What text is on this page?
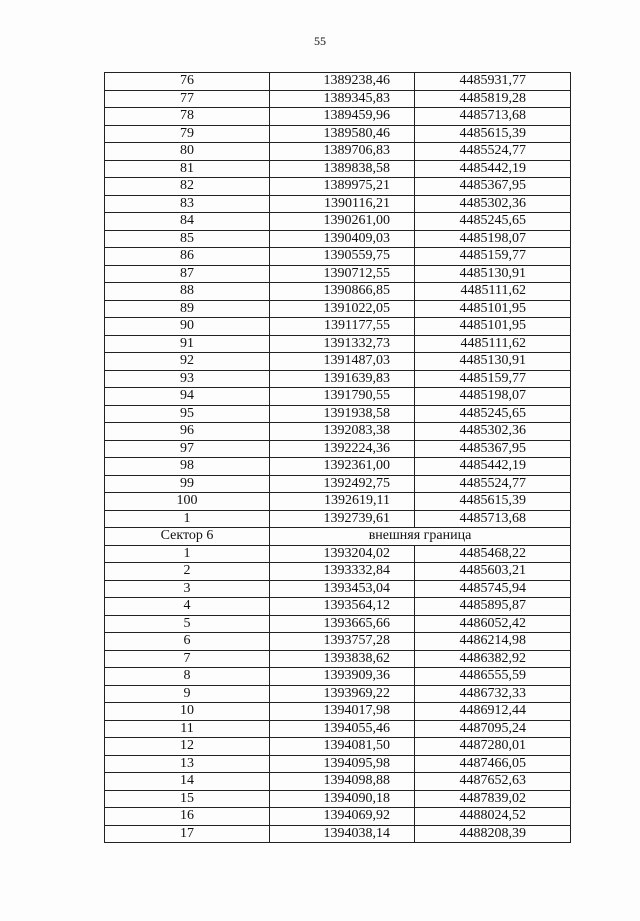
55
76	1389238,46	4485931,77
77	1389345,83	4485819,28
78	1389459,96	4485713,68
79	1389580,46	4485615,39
80	1389706,83	4485524,77
81	1389838,58	4485442,19
82	1389975,21	4485367,95
83	1390116,21	4485302,36
84	1390261,00	4485245,65
85	1390409,03	4485198,07
86	1390559,75	4485159,77
87	1390712,55	4485130,91
88	1390866,85	4485111,62
89	1391022,05	4485101,95
90	1391177,55	4485101,95
91	1391332,73	4485111,62
92	1391487,03	4485130,91
93	1391639,83	4485159,77
94	1391790,55	4485198,07
95	1391938,58	4485245,65
96	1392083,38	4485302,36
97	1392224,36	4485367,95
98	1392361,00	4485442,19
99	1392492,75	4485524,77
100	1392619,11	4485615,39
1	1392739,61	4485713,68
Сектор 6	внешняя граница	
1	1393204,02	4485468,22
2	1393332,84	4485603,21
3	1393453,04	4485745,94
4	1393564,12	4485895,87
5	1393665,66	4486052,42
6	1393757,28	4486214,98
7	1393838,62	4486382,92
8	1393909,36	4486555,59
9	1393969,22	4486732,33
10	1394017,98	4486912,44
11	1394055,46	4487095,24
12	1394081,50	4487280,01
13	1394095,98	4487466,05
14	1394098,88	4487652,63
15	1394090,18	4487839,02
16	1394069,92	4488024,52
17	1394038,14	4488208,39
